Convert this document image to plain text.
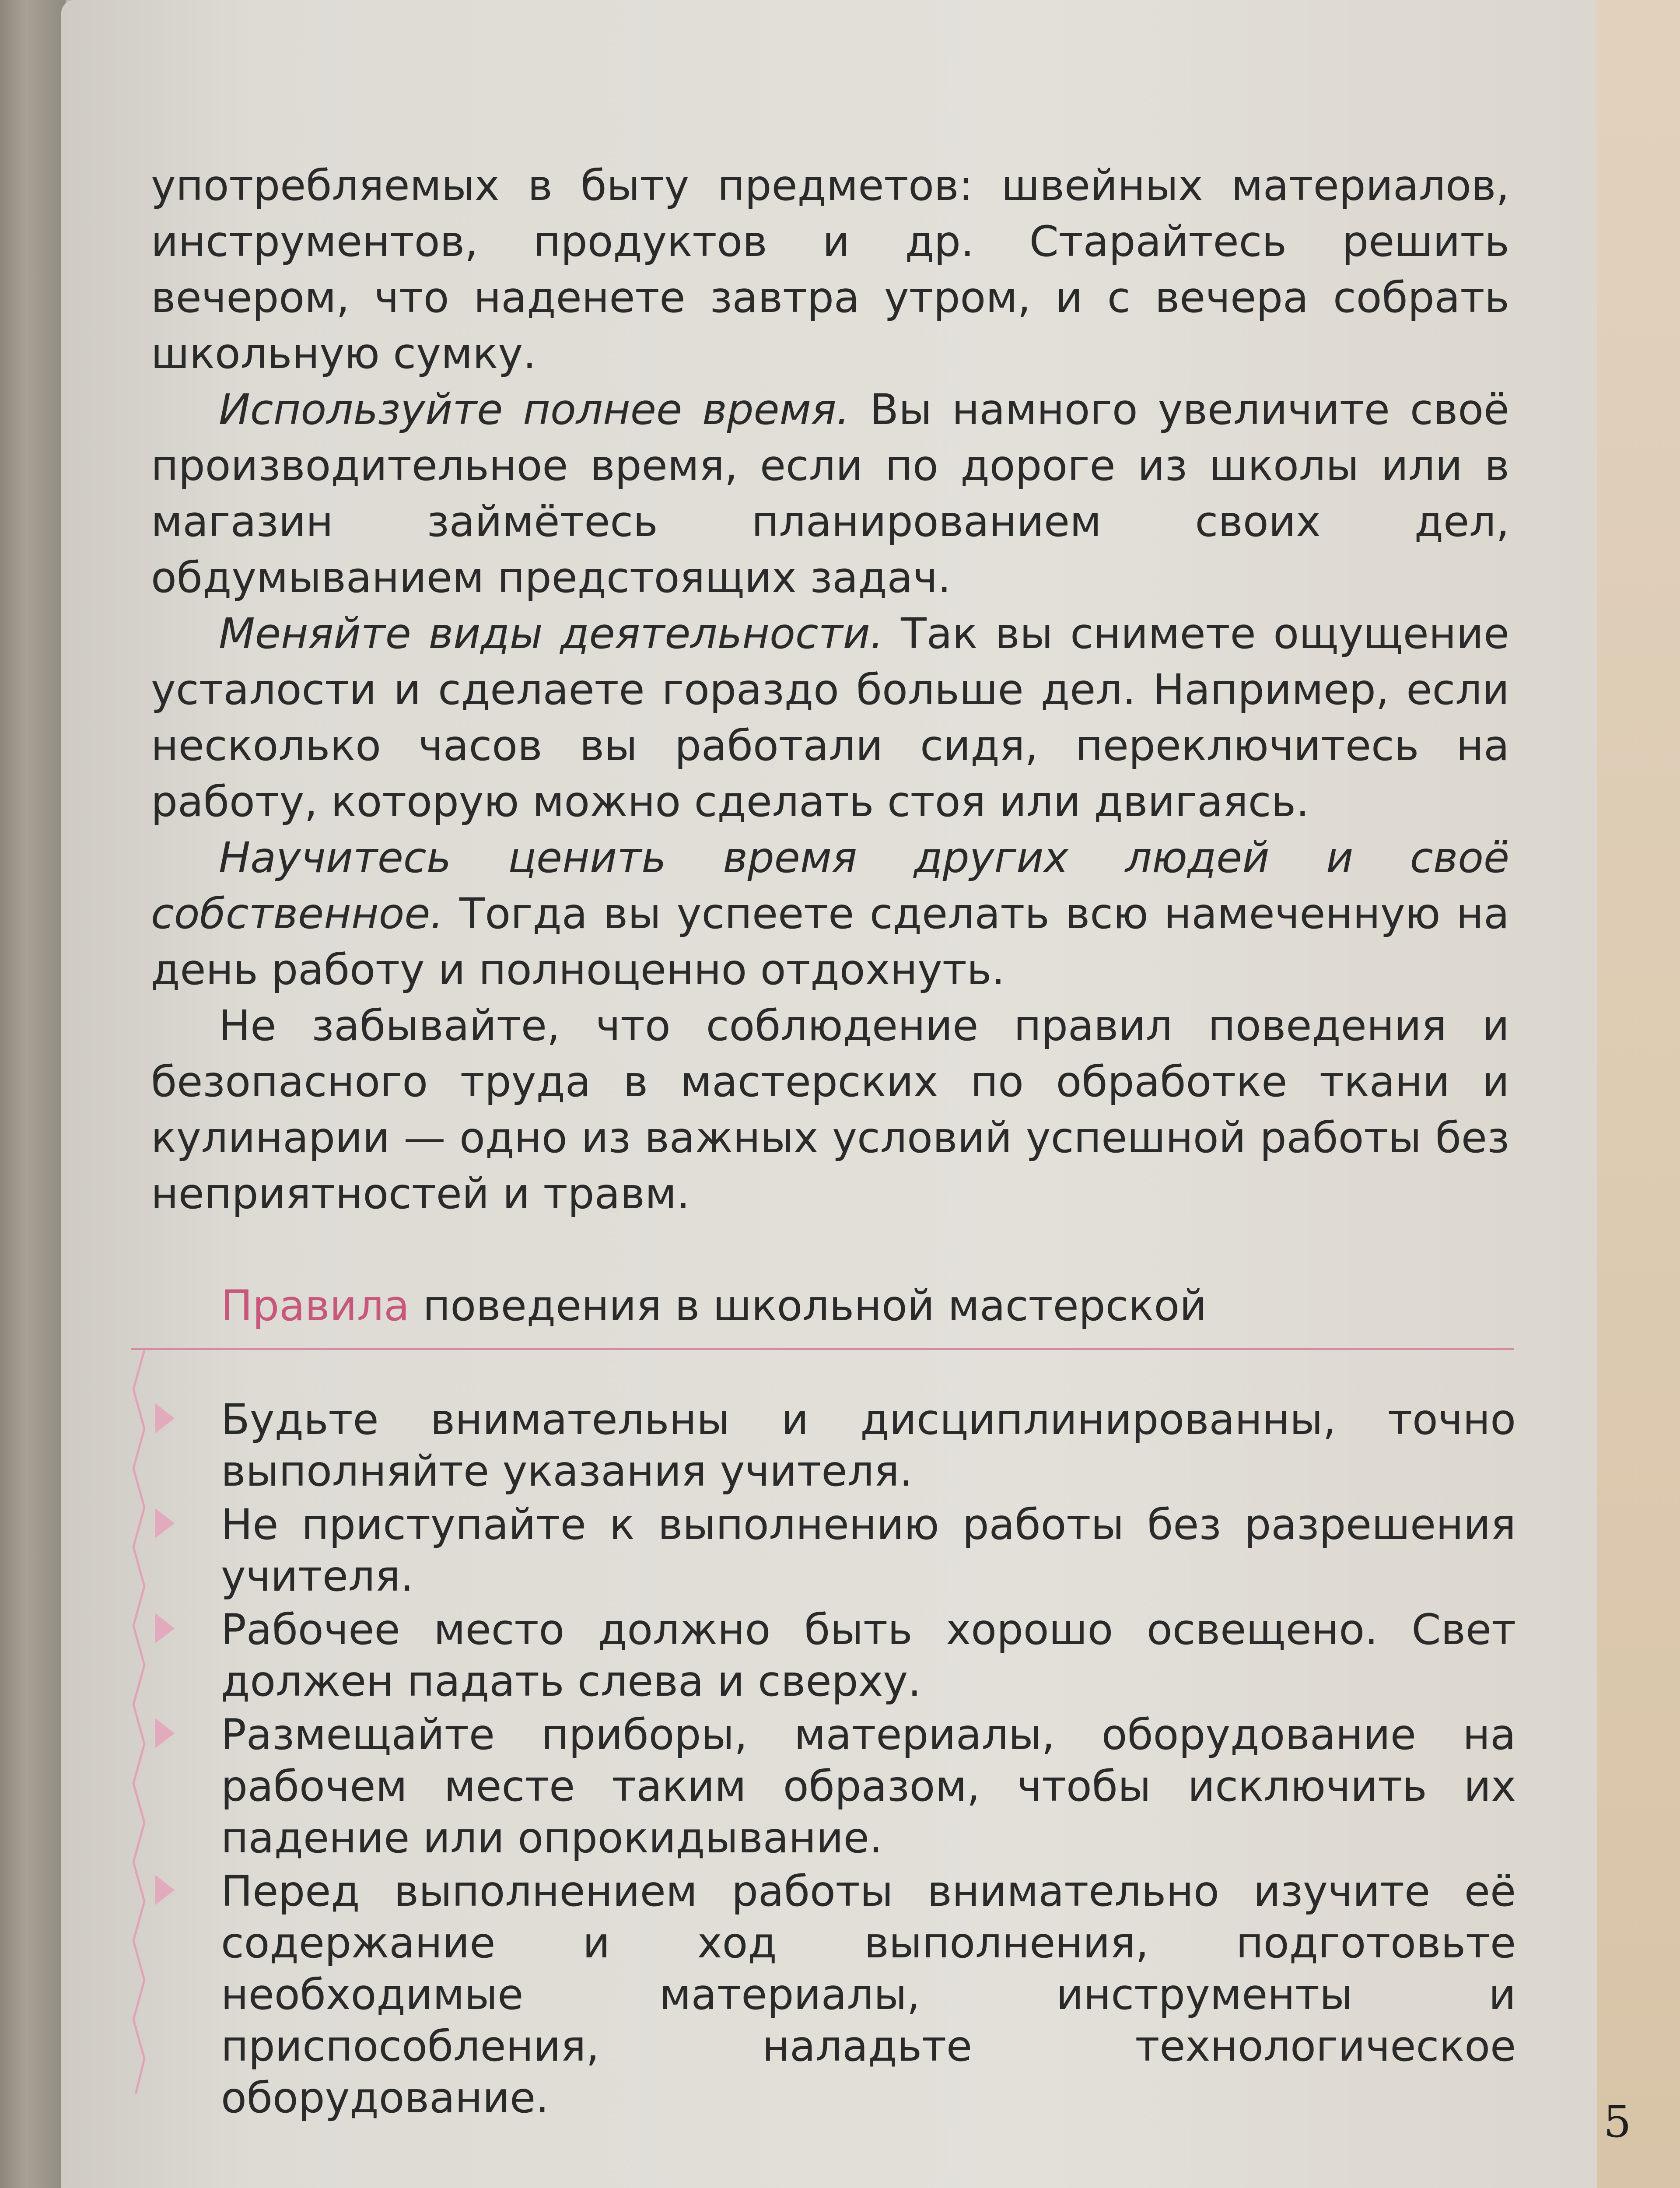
употребляемых в быту предметов: швейных материалов, инструментов, продуктов и др. Старайтесь решить вечером, что наденете завтра утром, и с вечера собрать школьную сумку.

Используйте полнее время. Вы намного увеличите своё производительное время, если по дороге из школы или в магазин займётесь планированием своих дел, обдумыванием предстоящих задач.

Меняйте виды деятельности. Так вы снимете ощущение усталости и сделаете гораздо больше дел. Например, если несколько часов вы работали сидя, переключитесь на работу, которую можно сделать стоя или двигаясь.

Научитесь ценить время других людей и своё собственное. Тогда вы успеете сделать всю намеченную на день работу и полноценно отдохнуть.

Не забывайте, что соблюдение правил поведения и безопасного труда в мастерских по обработке ткани и кулинарии — одно из важных условий успешной работы без неприятностей и травм.

Правила поведения в школьной мастерской
Будьте внимательны и дисциплинированны, точно выполняйте указания учителя.
Не приступайте к выполнению работы без разрешения учителя.
Рабочее место должно быть хорошо освещено. Свет должен падать слева и сверху.
Размещайте приборы, материалы, оборудование на рабочем месте таким образом, чтобы исключить их падение или опрокидывание.
Перед выполнением работы внимательно изучите её содержание и ход выполнения, подготовьте необходимые материалы, инструменты и приспособления, наладьте технологическое оборудование.	5
